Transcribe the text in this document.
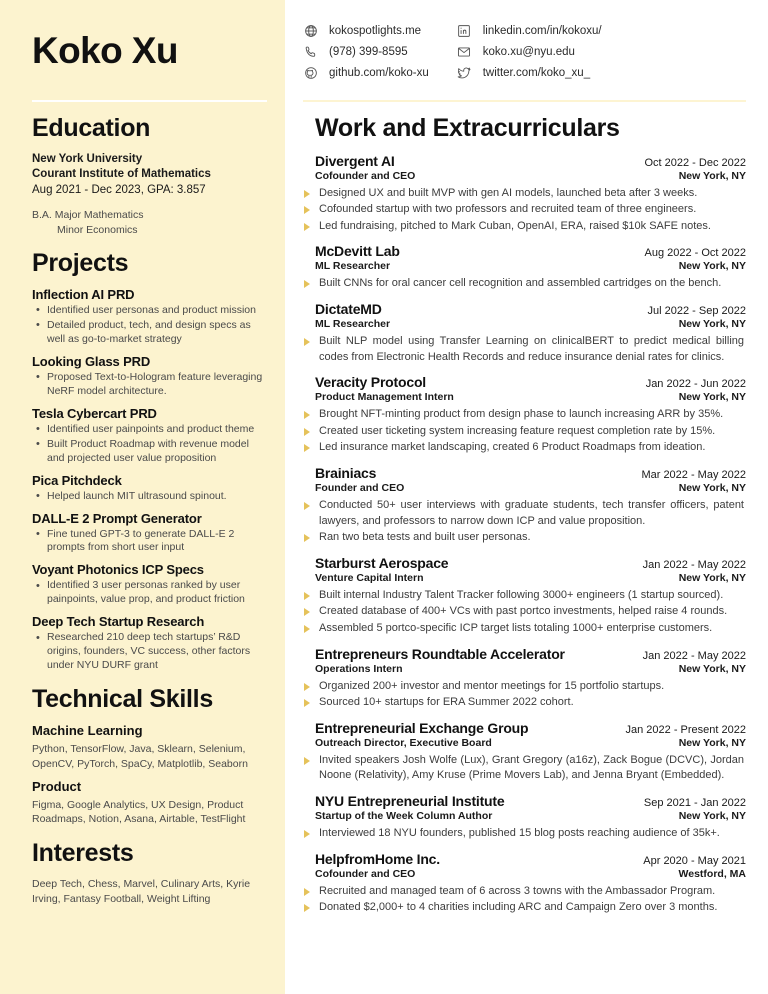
Koko Xu
Education
New York University
Courant Institute of Mathematics
Aug 2021 - Dec 2023, GPA: 3.857
B.A. Major Mathematics
Minor Economics
Projects
Inflection AI PRD
• Identified user personas and product mission
• Detailed product, tech, and design specs as well as go-to-market strategy
Looking Glass PRD
• Proposed Text-to-Hologram feature leveraging NeRF model architecture.
Tesla Cybercart PRD
• Identified user painpoints and product theme
• Built Product Roadmap with revenue model and projected user value proposition
Pica Pitchdeck
• Helped launch MIT ultrasound spinout.
DALL-E 2 Prompt Generator
• Fine tuned GPT-3 to generate DALL-E 2 prompts from short user input
Voyant Photonics ICP Specs
• Identified 3 user personas ranked by user painpoints, value prop, and product friction
Deep Tech Startup Research
• Researched 210 deep tech startups’ R&D origins, founders, VC success, other factors under NYU DURF grant
Technical Skills
Machine Learning
Python, TensorFlow, Java, Sklearn, Selenium, OpenCV, PyTorch, SpaCy, Matplotlib, Seaborn
Product
Figma, Google Analytics, UX Design, Product Roadmaps, Notion, Asana, Airtable, TestFlight
Interests
Deep Tech, Chess, Marvel, Culinary Arts, Kyrie Irving, Fantasy Football, Weight Lifting
kokospotlights.me
(978) 399-8595
github.com/koko-xu
linkedin.com/in/kokoxu/
koko.xu@nyu.edu
twitter.com/koko_xu_
Work and Extracurriculars
Divergent AI	Oct 2022 - Dec 2022
Cofounder and CEO	New York, NY
Designed UX and built MVP with gen AI models, launched beta after 3 weeks.
Cofounded startup with two professors and recruited team of three engineers.
Led fundraising, pitched to Mark Cuban, OpenAI, ERA, raised $10k SAFE notes.
McDevitt Lab	Aug 2022 - Oct 2022
ML Researcher	New York, NY
Built CNNs for oral cancer cell recognition and assembled cartridges on the bench.
DictateMD	Jul 2022 - Sep 2022
ML Researcher	New York, NY
Built NLP model using Transfer Learning on clinicalBERT to predict medical billing codes from Electronic Health Records and reduce insurance denial rates for clinics.
Veracity Protocol	Jan 2022 - Jun 2022
Product Management Intern	New York, NY
Brought NFT-minting product from design phase to launch increasing ARR by 35%.
Created user ticketing system increasing feature request completion rate by 15%.
Led insurance market landscaping, created 6 Product Roadmaps from ideation.
Brainiacs	Mar 2022 - May 2022
Founder and CEO	New York, NY
Conducted 50+ user interviews with graduate students, tech transfer officers, patent lawyers, and professors to narrow down ICP and value proposition.
Ran two beta tests and built user personas.
Starburst Aerospace	Jan 2022 - May 2022
Venture Capital Intern	New York, NY
Built internal Industry Talent Tracker following 3000+ engineers (1 startup sourced).
Created database of 400+ VCs with past portco investments, helped raise 4 rounds.
Assembled 5 portco-specific ICP target lists totaling 1000+ enterprise customers.
Entrepreneurs Roundtable Accelerator	Jan 2022 - May 2022
Operations Intern	New York, NY
Organized 200+ investor and mentor meetings for 15 portfolio startups.
Sourced 10+ startups for ERA Summer 2022 cohort.
Entrepreneurial Exchange Group	Jan 2022 - Present 2022
Outreach Director, Executive Board	New York, NY
Invited speakers Josh Wolfe (Lux), Grant Gregory (a16z), Zack Bogue (DCVC), Jordan Noone (Relativity), Amy Kruse (Prime Movers Lab), and Jenna Bryant (Embedded).
NYU Entrepreneurial Institute	Sep 2021 - Jan 2022
Startup of the Week Column Author	New York, NY
Interviewed 18 NYU founders, published 15 blog posts reaching audience of 35k+.
HelpfromHome Inc.	Apr 2020 - May 2021
Cofounder and CEO	Westford, MA
Recruited and managed team of 6 across 3 towns with the Ambassador Program.
Donated $2,000+ to 4 charities including ARC and Campaign Zero over 3 months.
